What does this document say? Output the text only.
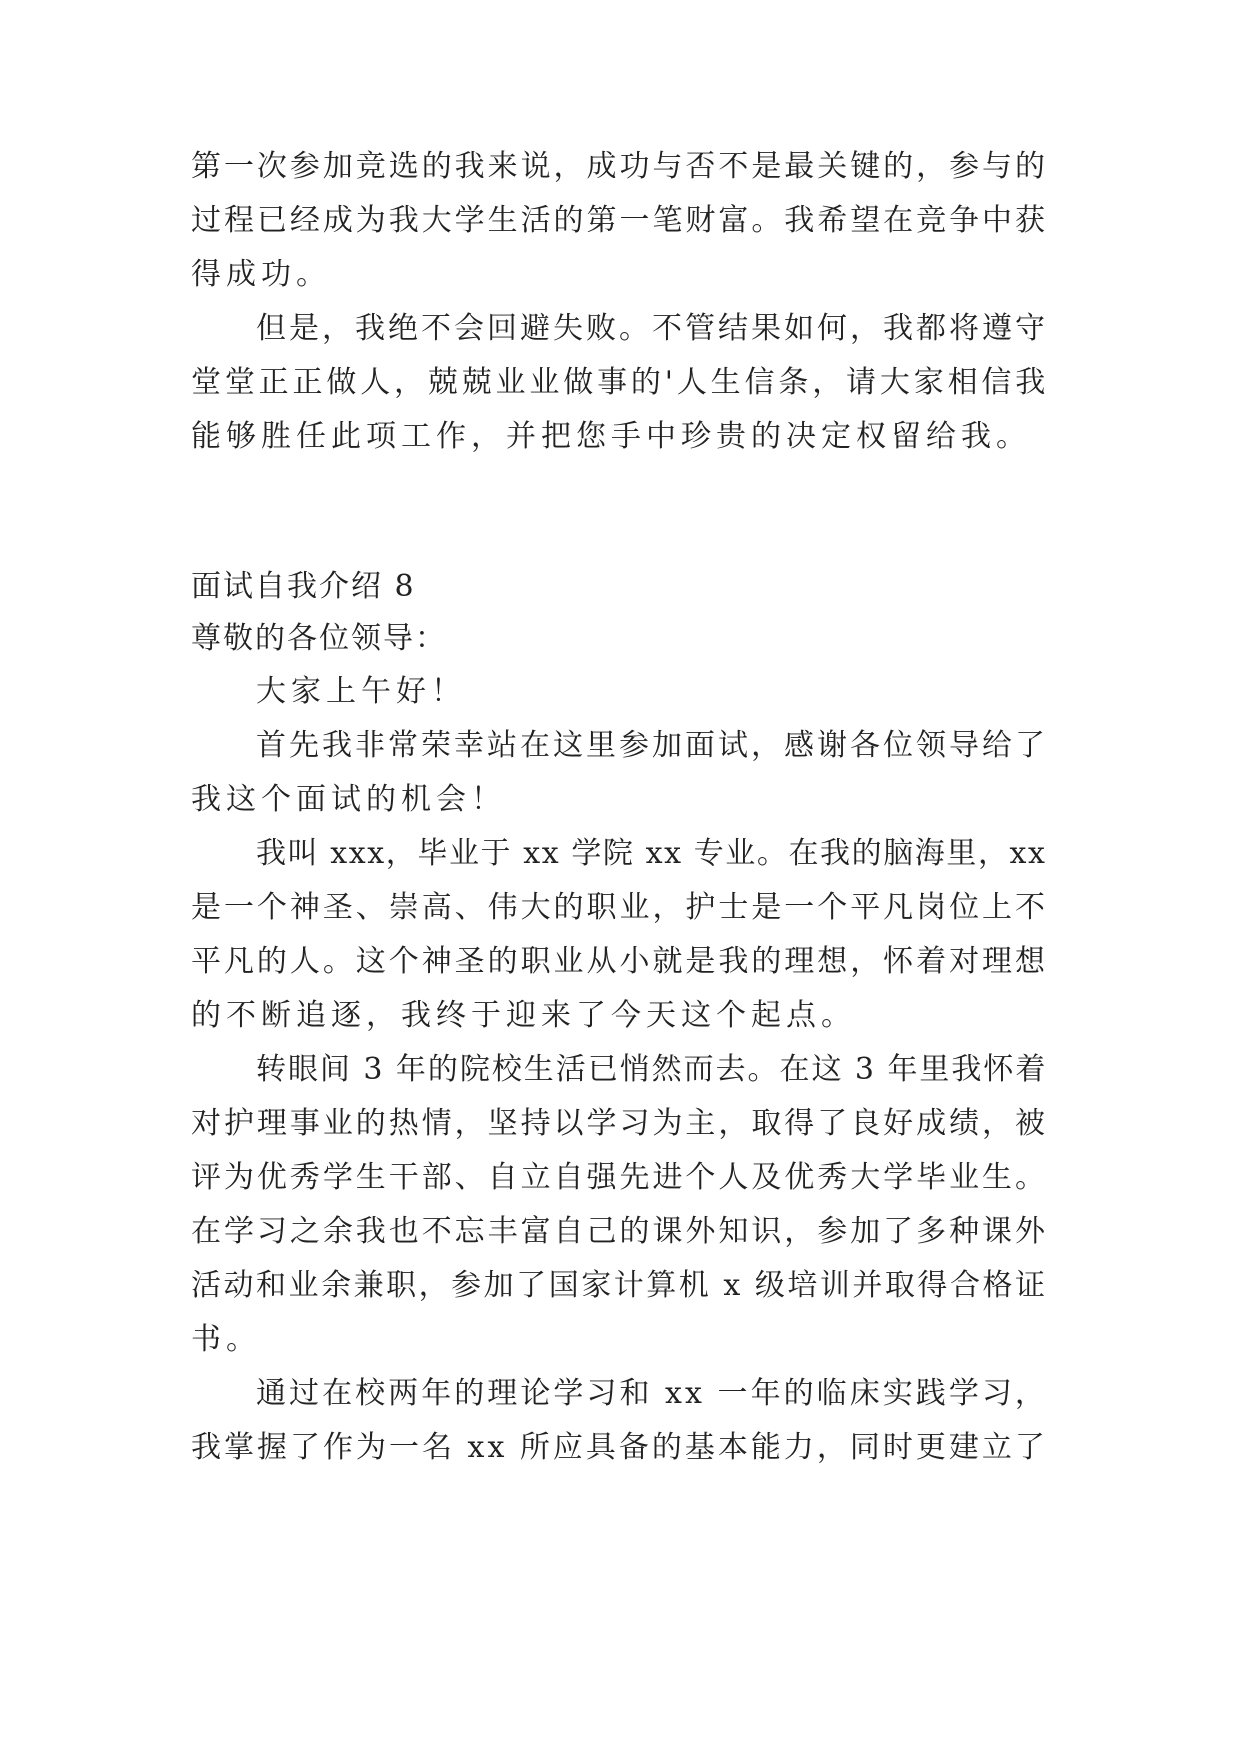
第一次参加竞选的我来说，成功与否不是最关键的，参与的
过程已经成为我大学生活的第一笔财富。我希望在竞争中获
得成功。
但是，我绝不会回避失败。不管结果如何，我都将遵守
堂堂正正做人，兢兢业业做事的'人生信条，请大家相信我
能够胜任此项工作，并把您手中珍贵的决定权留给我。
面试自我介绍 8
尊敬的各位领导：
大家上午好！
首先我非常荣幸站在这里参加面试，感谢各位领导给了
我这个面试的机会！
我叫 xxx，毕业于 xx 学院 xx 专业。在我的脑海里，xx
是一个神圣、崇高、伟大的职业，护士是一个平凡岗位上不
平凡的人。这个神圣的职业从小就是我的理想，怀着对理想
的不断追逐，我终于迎来了今天这个起点。
转眼间 3 年的院校生活已悄然而去。在这 3 年里我怀着
对护理事业的热情，坚持以学习为主，取得了良好成绩，被
评为优秀学生干部、自立自强先进个人及优秀大学毕业生。
在学习之余我也不忘丰富自己的课外知识，参加了多种课外
活动和业余兼职，参加了国家计算机 x 级培训并取得合格证
书。
通过在校两年的理论学习和 xx 一年的临床实践学习，
我掌握了作为一名 xx 所应具备的基本能力，同时更建立了
